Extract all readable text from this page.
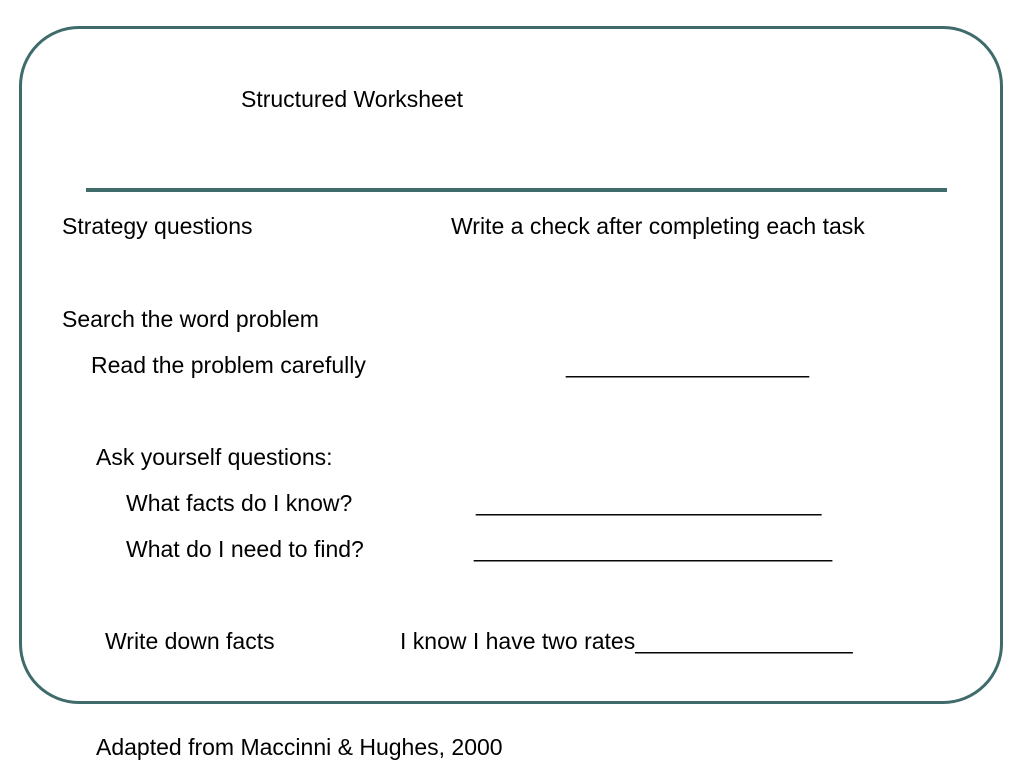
Structured Worksheet
Strategy questions	Write a check after completing each task
Search the word problem
Read the problem carefully	___________________
Ask yourself questions:
What facts do I know?	___________________________
What do I need to find?	____________________________
Write down facts	I know I have two rates_________________
Adapted from Maccinni & Hughes, 2000
